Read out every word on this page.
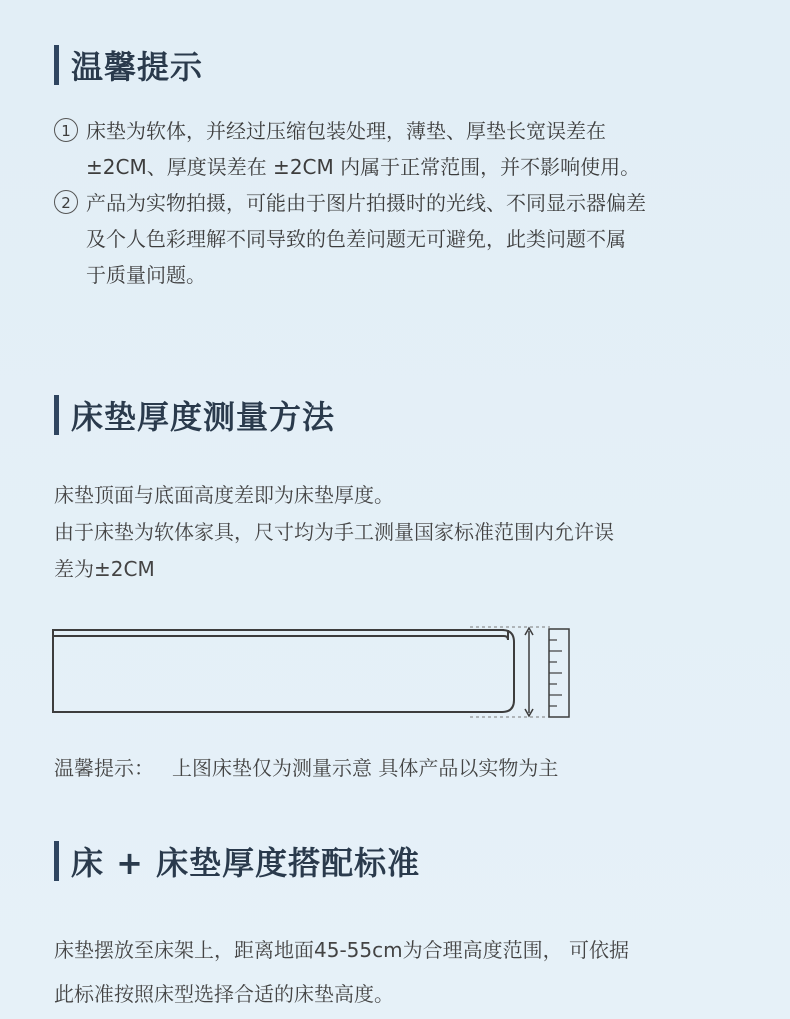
温馨提示
1 床垫为软体，并经过压缩包装处理，薄垫、厚垫长宽误差在
±2CM、厚度误差在 ±2CM 内属于正常范围，并不影响使用。
2 产品为实物拍摄，可能由于图片拍摄时的光线、不同显示器偏差
及个人色彩理解不同导致的色差问题无可避免，此类问题不属
于质量问题。
床垫厚度测量方法
床垫顶面与底面高度差即为床垫厚度。
由于床垫为软体家具，尺寸均为手工测量国家标准范围内允许误
差为±2CM
温馨提示： 上图床垫仅为测量示意 具体产品以实物为主
床 + 床垫厚度搭配标准
床垫摆放至床架上，距离地面45-55cm为合理高度范围， 可依据
此标准按照床型选择合适的床垫高度。
